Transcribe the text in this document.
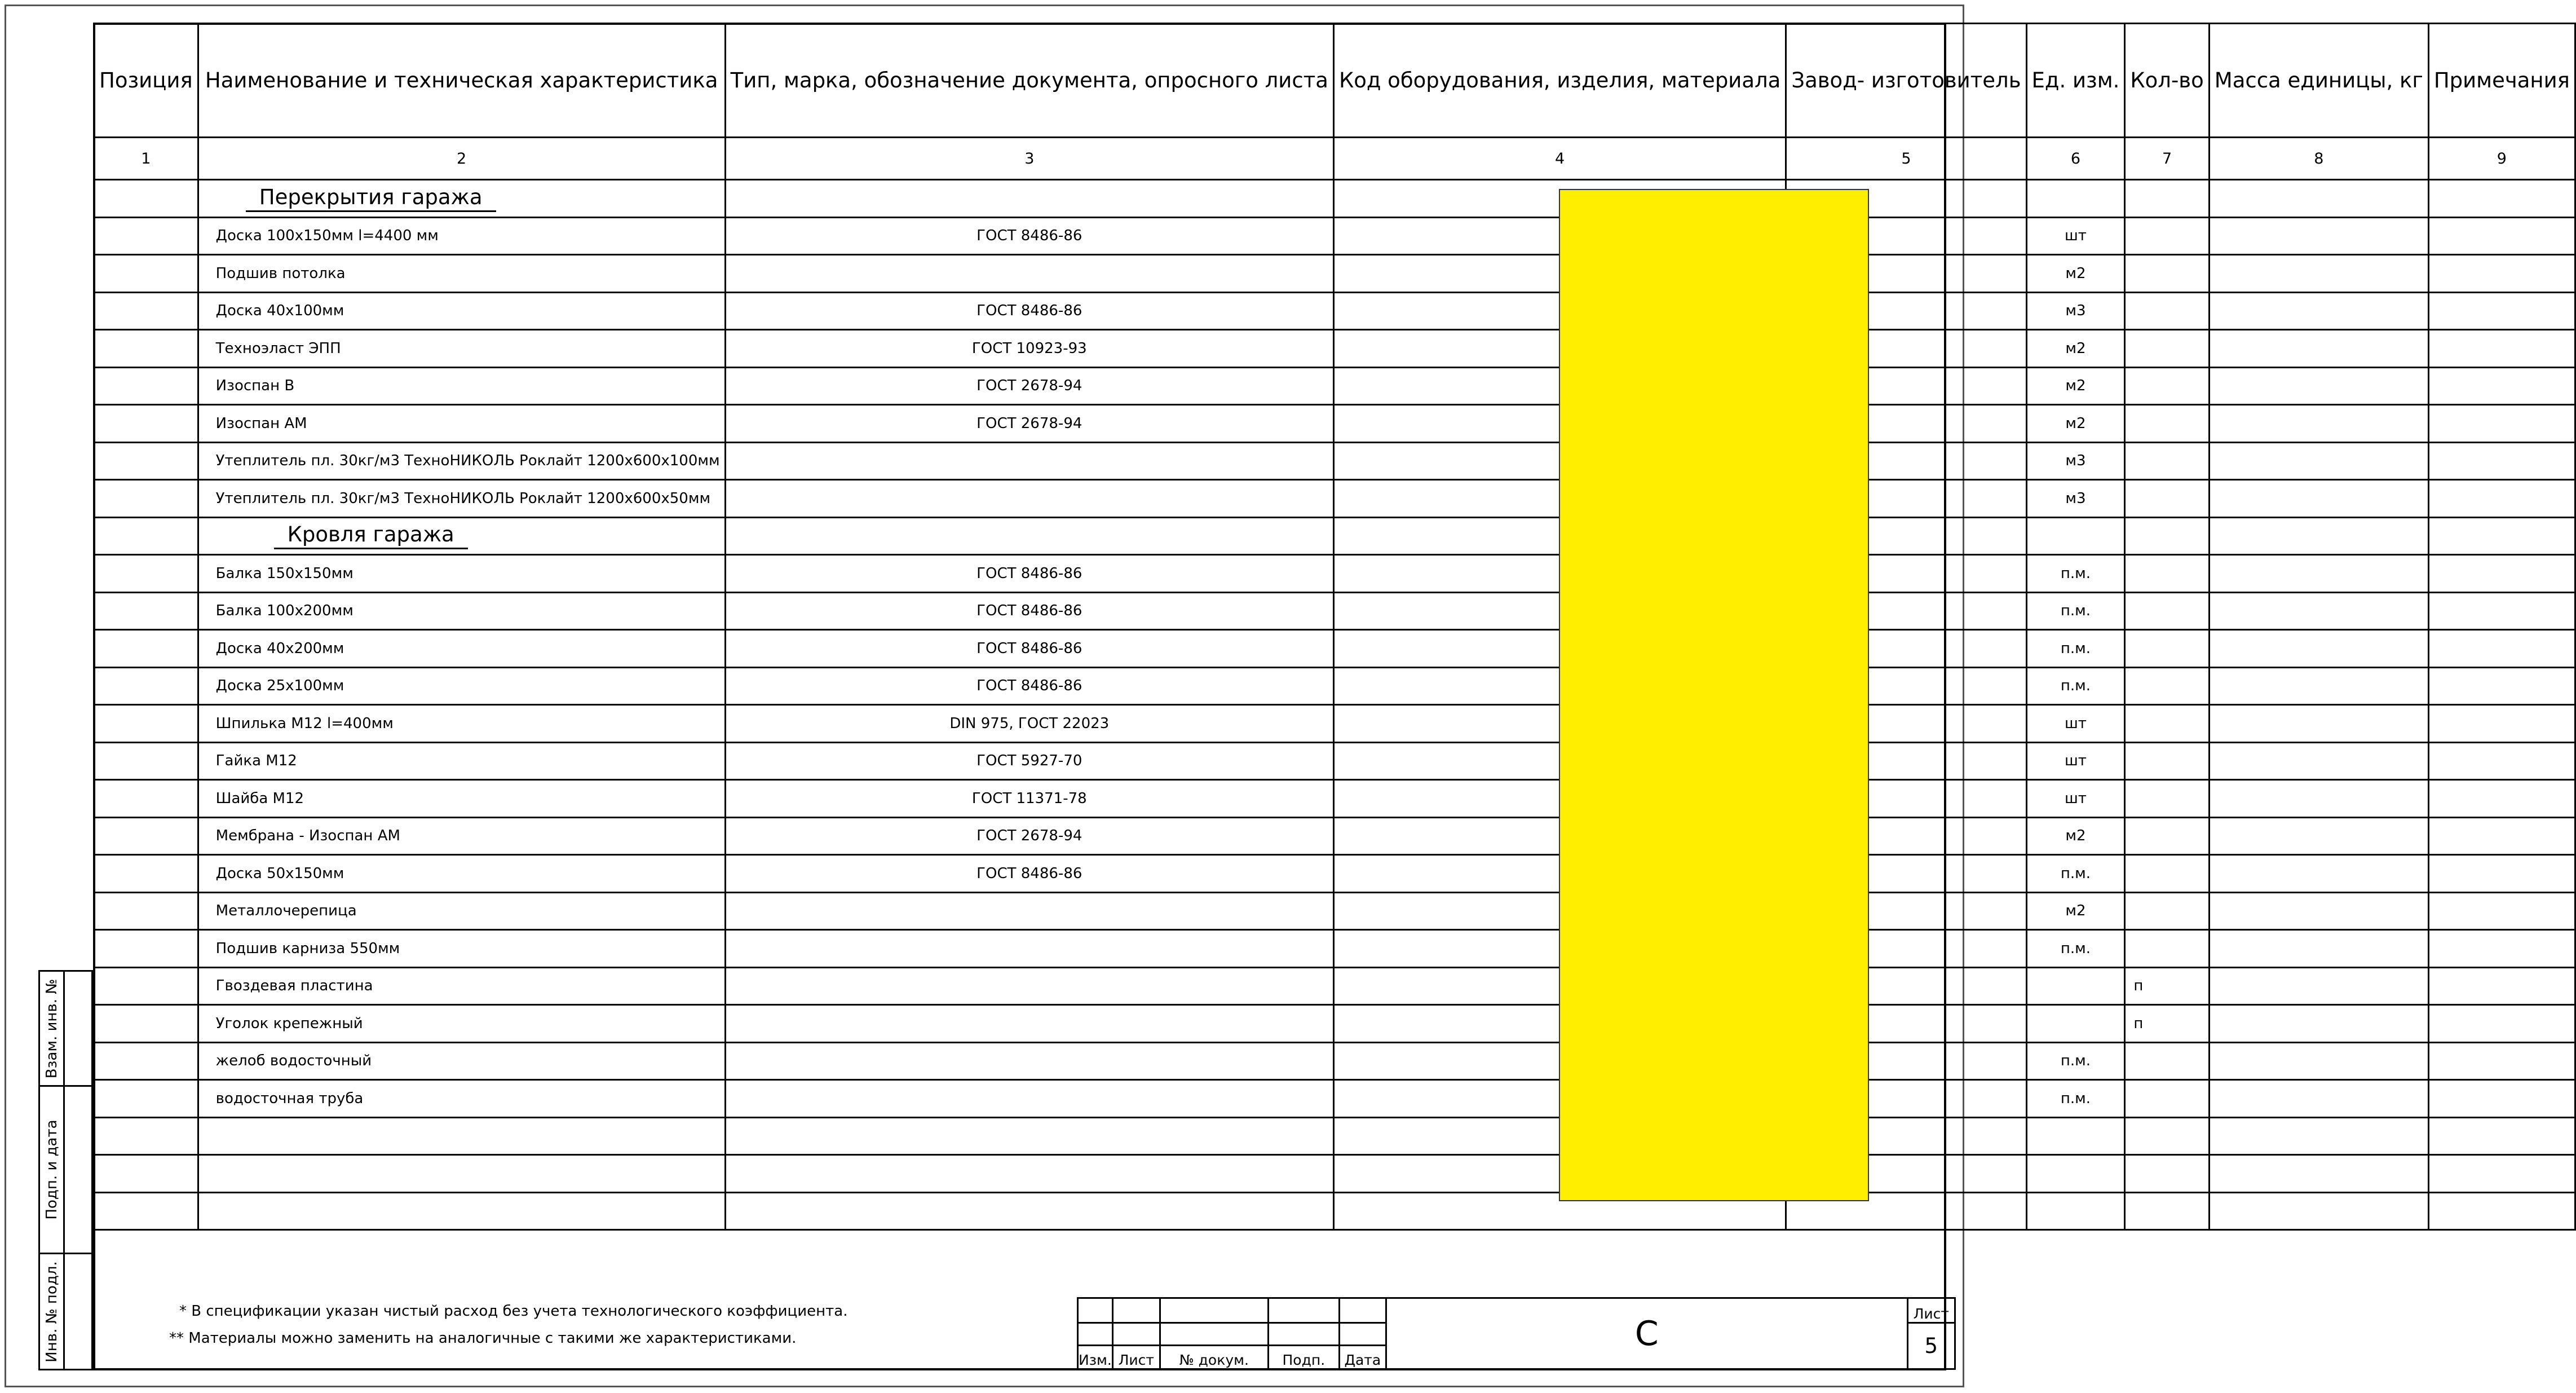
Позиция	Наименование и техническая характеристика	Тип, марка, обозначение документа, опросного листа	Код оборудования, изделия, материала	Завод- изготовитель	Ед. изм.	Кол-во	Масса единицы, кг	Примечания
1	2	3	4	5	6	7	8	9
	Перекрытия гаража							
	Доска 100х150мм l=4400 мм	ГОСТ 8486-86			шт			
	Подшив потолка				м2			
	Доска 40х100мм	ГОСТ 8486-86			м3			
	Техноэласт ЭПП	ГОСТ 10923-93			м2			
	Изоспан В	ГОСТ 2678-94			м2			
	Изоспан АМ	ГОСТ 2678-94			м2			
	Утеплитель пл. 30кг/м3 ТехноНИКОЛЬ Роклайт 1200х600х100мм				м3			
	Утеплитель пл. 30кг/м3 ТехноНИКОЛЬ Роклайт 1200х600х50мм				м3			
	Кровля гаража							
	Балка 150х150мм	ГОСТ 8486-86			п.м.			
	Балка 100х200мм	ГОСТ 8486-86			п.м.			
	Доска 40х200мм	ГОСТ 8486-86			п.м.			
	Доска 25х100мм	ГОСТ 8486-86			п.м.			
	Шпилька М12 l=400мм	DIN 975, ГОСТ 22023			шт			
	Гайка М12	ГОСТ 5927-70			шт			
	Шайба М12	ГОСТ 11371-78			шт			
	Мембрана - Изоспан АМ	ГОСТ 2678-94			м2			
	Доска 50х150мм	ГОСТ 8486-86			п.м.			
	Металлочерепица				м2			
	Подшив карниза 550мм				п.м.			
	Гвоздевая пластина					п		
	Уголок крепежный					п		
	желоб водосточный				п.м.			
	водосточная труба				п.м.			

Взам. инв. №
Подп. и дата
Инв. № подл.	* В спецификации указан чистый расход без учета технологического коэффициента.
** Материалы можно заменить на аналогичные с такими же характеристиками.
						С	Лист
						5
Изм.	Лист	№ докум.	Подп.	Дата		
